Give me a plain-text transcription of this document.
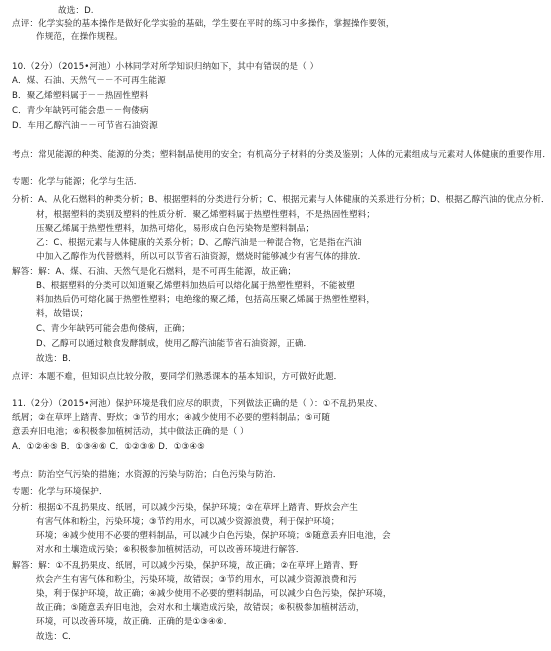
故选：D.
点评：化学实验的基本操作是做好化学实验的基础，学生要在平时的练习中多操作，掌握操作要领，
作规范，在操作规程。
10.（2分）（2015•河池）小林同学对所学知识归纳如下，其中有错误的是（ ）
A．煤、石油、天然气－－不可再生能源
B．聚乙烯塑料属于－－热固性塑料
C．青少年缺钙可能会患－－佝偻病
D．车用乙醇汽油－－可节省石油资源
考点：常见能源的种类、能源的分类；塑料制品使用的安全；有机高分子材料的分类及鉴别；人体的元素组成与元素对人体健康的重要作用．
专题：化学与能源；化学与生活．
分析：A、从化石燃料的种类分析；B、根据塑料的分类进行分析；C、根据元素与人体健康的关系进行分析；D、根据乙醇汽油的优点分析．
材，根据塑料的类别及塑料的性质分析．聚乙烯塑料属于热塑性塑料，不是热固性塑料；
压聚乙烯属于热塑性塑料，加热可熔化，易形成白色污染物是塑料制品；
乙：C、根据元素与人体健康的关系分析；D、乙醇汽油是一种混合物，它是指在汽油
中加入乙醇作为代替燃料，所以可以节省石油资源，燃烧时能够减少有害气体的排放．
解答：解：A、煤、石油、天然气是化石燃料，是不可再生能源，故正确；
B、根据塑料的分类可以知道聚乙烯塑料加热后可以熔化属于热塑性塑料，不能被塑
料加热后仍可熔化属于热塑性塑料；电绝缘的聚乙烯，包括高压聚乙烯属于热塑性塑料，
料，故错误；
C、青少年缺钙可能会患佝偻病，正确；
D、乙醇可以通过粮食发酵制成，使用乙醇汽油能节省石油资源，正确．
故选：B．
点评：本题不难，但知识点比较分散，要同学们熟悉课本的基本知识，方可做好此题．
11.（2分）（2015•河池）保护环境是我们应尽的职责，下列做法正确的是（ ）：①不乱扔果皮、
纸屑；②在草坪上踏青、野炊；③节约用水；④减少使用不必要的塑料制品；⑤可随
意丢弃旧电池；⑥积极参加植树活动，其中做法正确的是（ ）
A．①②④⑤ B．①③④⑥ C．①②③⑥ D．①③④⑤
考点：防治空气污染的措施；水资源的污染与防治；白色污染与防治．
专题：化学与环境保护．
分析：根据①不乱扔果皮、纸屑，可以减少污染，保护环境；②在草坪上踏青、野炊会产生
有害气体和粉尘，污染环境；③节约用水，可以减少资源浪费，利于保护环境；
环境；④减少使用不必要的塑料制品，可以减少白色污染，保护环境；⑤随意丢弃旧电池，会
对水和土壤造成污染；⑥积极参加植树活动，可以改善环境进行解答．
解答：解：①不乱扔果皮、纸屑，可以减少污染，保护环境，故正确；②在草坪上踏青、野
炊会产生有害气体和粉尘，污染环境，故错误；③节约用水，可以减少资源浪费和污
染，利于保护环境，故正确；④减少使用不必要的塑料制品，可以减少白色污染，保护环境，
故正确；⑤随意丢弃旧电池，会对水和土壤造成污染，故错误；⑥积极参加植树活动，
环境，可以改善环境，故正确．正确的是①③④⑥．
故选：C．
